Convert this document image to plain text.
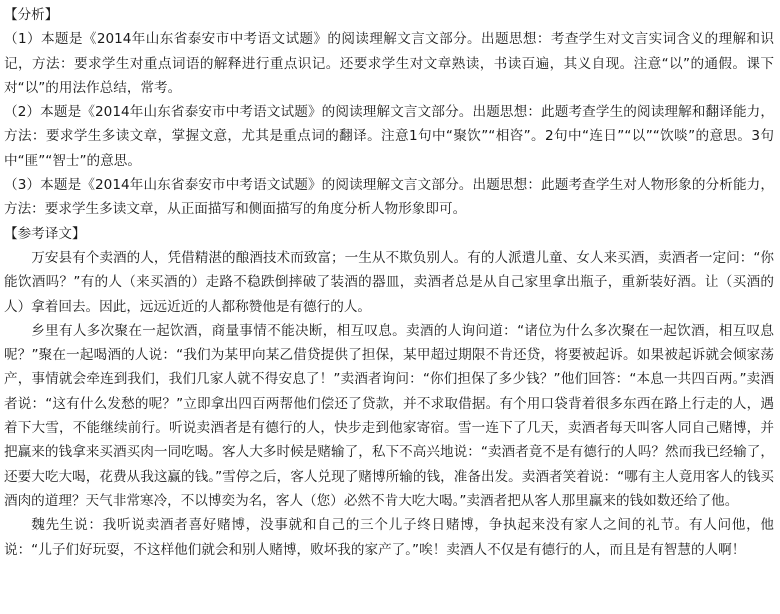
【分析】

（1）本题是《2014年山东省泰安市中考语文试题》的阅读理解文言文部分。出题思想：考查学生对文言实词含义的理解和识记，方法：要求学生对重点词语的解释进行重点识记。还要求学生对文章熟读，书读百遍，其义自现。注意“以”的通假。课下对“以”的用法作总结，常考。

（2）本题是《2014年山东省泰安市中考语文试题》的阅读理解文言文部分。出题思想：此题考查学生的阅读理解和翻译能力，方法：要求学生多读文章，掌握文意，尤其是重点词的翻译。注意1句中“聚饮”“相咨”。2句中“连日”“以”“饮啖”的意思。3句中“匪”“智士”的意思。

（3）本题是《2014年山东省泰安市中考语文试题》的阅读理解文言文部分。出题思想：此题考查学生对人物形象的分析能力，方法：要求学生多读文章，从正面描写和侧面描写的角度分析人物形象即可。

【参考译文】

万安县有个卖酒的人，凭借精湛的酿酒技术而致富；一生从不欺负别人。有的人派遣儿童、女人来买酒，卖酒者一定问：“你能饮酒吗？”有的人（来买酒的）走路不稳跌倒摔破了装酒的器皿，卖酒者总是从自己家里拿出瓶子，重新装好酒。让（买酒的人）拿着回去。因此，远远近近的人都称赞他是有德行的人。

乡里有人多次聚在一起饮酒，商量事情不能决断，相互叹息。卖酒的人询问道：“诸位为什么多次聚在一起饮酒，相互叹息呢？”聚在一起喝酒的人说：“我们为某甲向某乙借贷提供了担保，某甲超过期限不肯还贷，将要被起诉。如果被起诉就会倾家荡产，事情就会牵连到我们，我们几家人就不得安息了！”卖酒者询问：“你们担保了多少钱？”他们回答：“本息一共四百两。”卖酒者说：“这有什么发愁的呢？”立即拿出四百两帮他们偿还了贷款，并不求取借据。有个用口袋背着很多东西在路上行走的人，遇着下大雪，不能继续前行。听说卖酒者是有德行的人，快步走到他家寄宿。雪一连下了几天，卖酒者每天叫客人同自己赌博，并把赢来的钱拿来买酒买肉一同吃喝。客人大多时候是赌输了，私下不高兴地说：“卖酒者竟不是有德行的人吗？然而我已经输了，还要大吃大喝，花费从我这赢的钱。”雪停之后，客人兑现了赌博所输的钱，准备出发。卖酒者笑着说：“哪有主人竟用客人的钱买酒肉的道理？天气非常寒冷，不以博奕为名，客人（您）必然不肯大吃大喝。”卖酒者把从客人那里赢来的钱如数还给了他。

魏先生说：我听说卖酒者喜好赌博，没事就和自己的三个儿子终日赌博，争执起来没有家人之间的礼节。有人问他，他说：“儿子们好玩耍，不这样他们就会和别人赌博，败坏我的家产了。”唉！卖酒人不仅是有德行的人，而且是有智慧的人啊！
